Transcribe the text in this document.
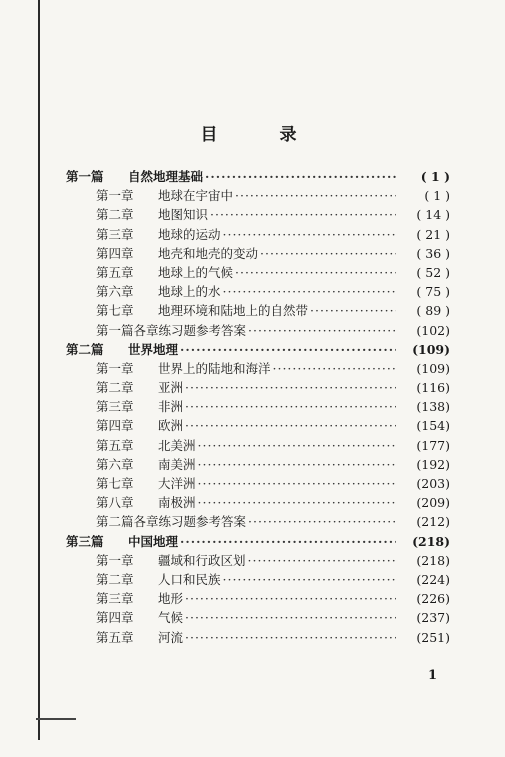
目 录
第一篇	自然地理基础 ·····	( 1 )
第一章	地球在宇宙中 ·····	( 1 )
第二章	地图知识 ·····	( 14 )
第三章	地球的运动 ·····	( 21 )
第四章	地壳和地壳的变动 ·····	( 36 )
第五章	地球上的气候 ·····	( 52 )
第六章	地球上的水 ·····	( 75 )
第七章	地理环境和陆地上的自然带 ·····	( 89 )
第一篇各章练习题参考答案 ·····	(102)
第二篇	世界地理 ·····	(109)
第一章	世界上的陆地和海洋 ·····	(109)
第二章	亚洲 ·····	(116)
第三章	非洲 ·····	(138)
第四章	欧洲 ·····	(154)
第五章	北美洲 ·····	(177)
第六章	南美洲 ·····	(192)
第七章	大洋洲 ·····	(203)
第八章	南极洲 ·····	(209)
第二篇各章练习题参考答案 ·····	(212)
第三篇	中国地理 ·····	(218)
第一章	疆域和行政区划 ·····	(218)
第二章	人口和民族 ·····	(224)
第三章	地形 ·····	(226)
第四章	气候 ·····	(237)
第五章	河流 ·····	(251)
1
